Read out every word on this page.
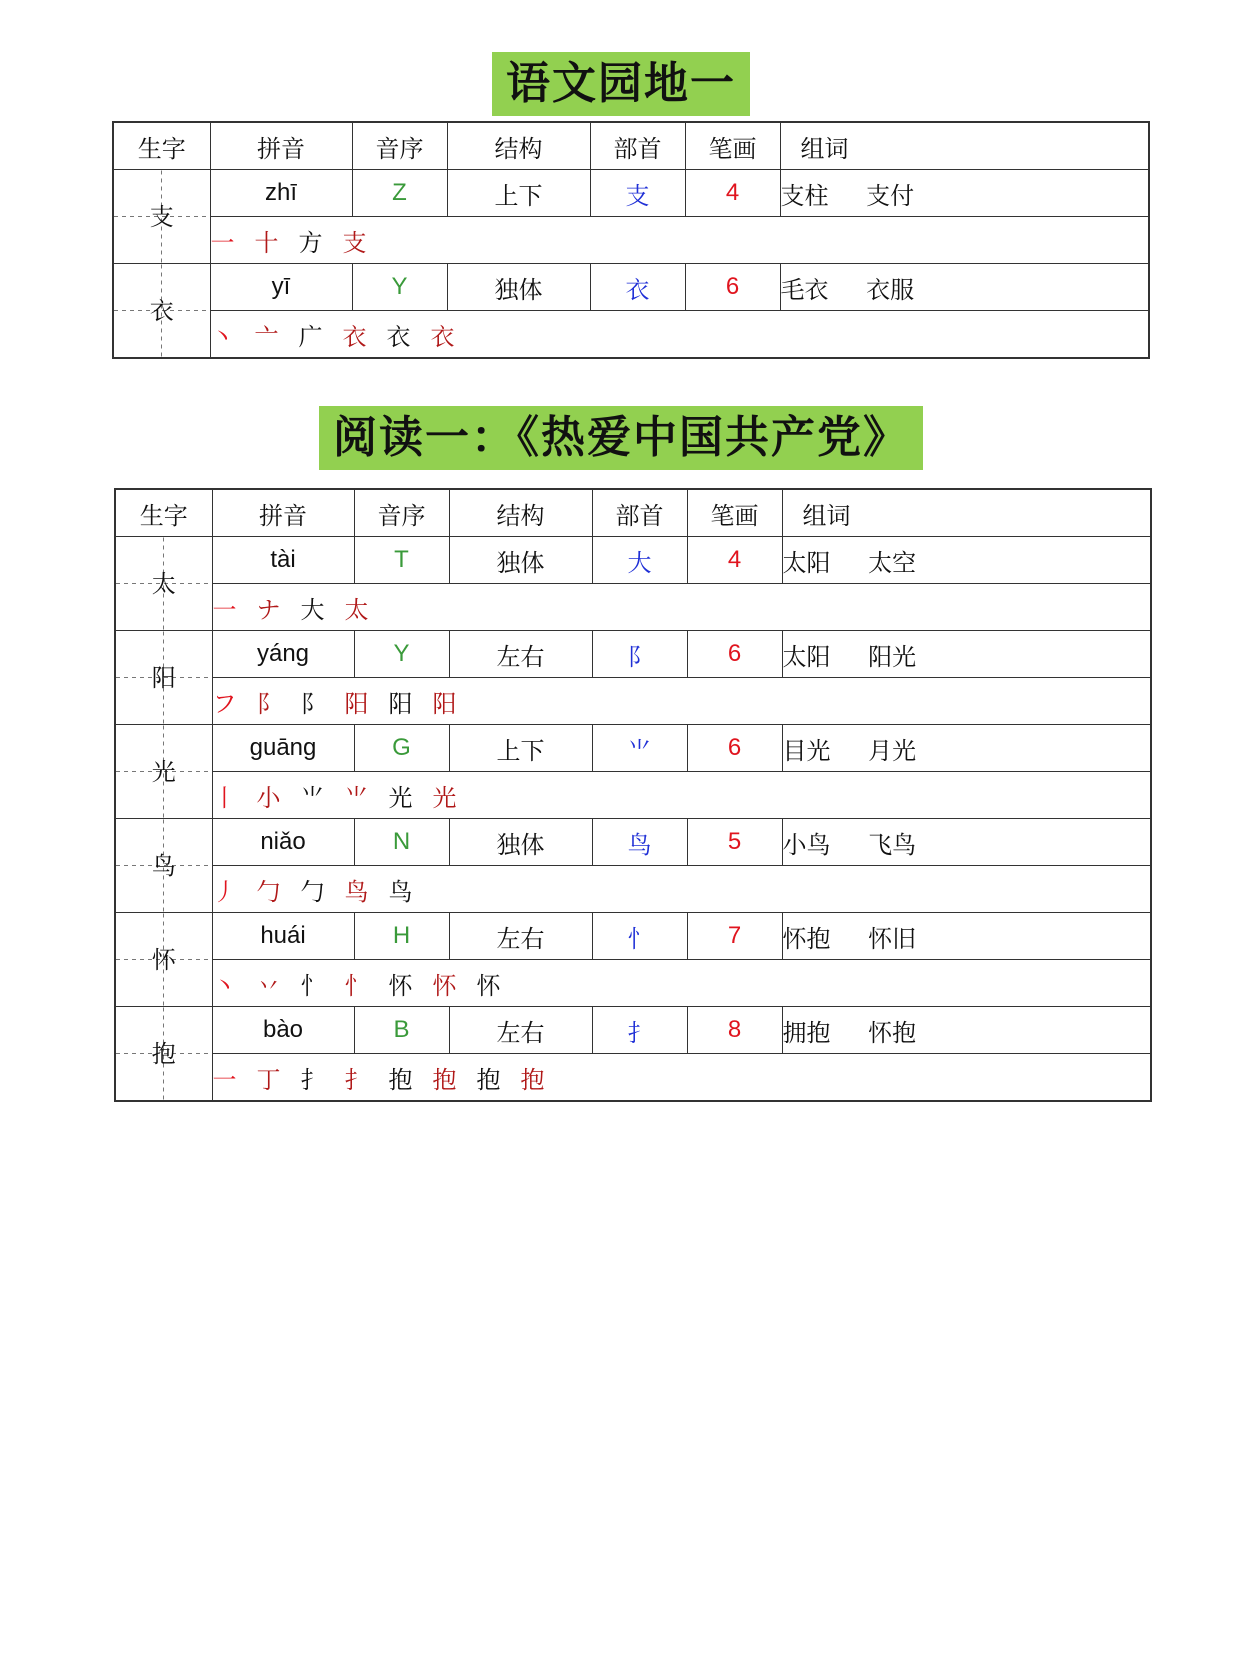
语文园地一
生字	拼音	音序	结构	部首	笔画	组词
支	zhī	Z	上下	支	4	支柱 支付
	一 十 方 支					
衣	yī	Y	独体	衣	6	毛衣 衣服
	丶 亠 广 衣 衣 衣					
阅读一：《热爱中国共产党》
生字	拼音	音序	结构	部首	笔画	组词
太	tài	T	独体	大	4	太阳 太空
	一 ナ 大 太					
阳	yáng	Y	左右	阝	6	太阳 阳光
	フ 阝 阝 阳 阳 阳					
光	guāng	G	上下	⺌	6	目光 月光
	丨 小 ⺌ ⺌ 光 光					
鸟	niǎo	N	独体	鸟	5	小鸟 飞鸟
	丿 勹 勹 鸟 鸟					
怀	huái	H	左右	忄	7	怀抱 怀旧
	丶 丷 忄 忄 怀 怀 怀					
抱	bào	B	左右	扌	8	拥抱 怀抱
	一 丁 扌 扌 抱 抱 抱 抱					
